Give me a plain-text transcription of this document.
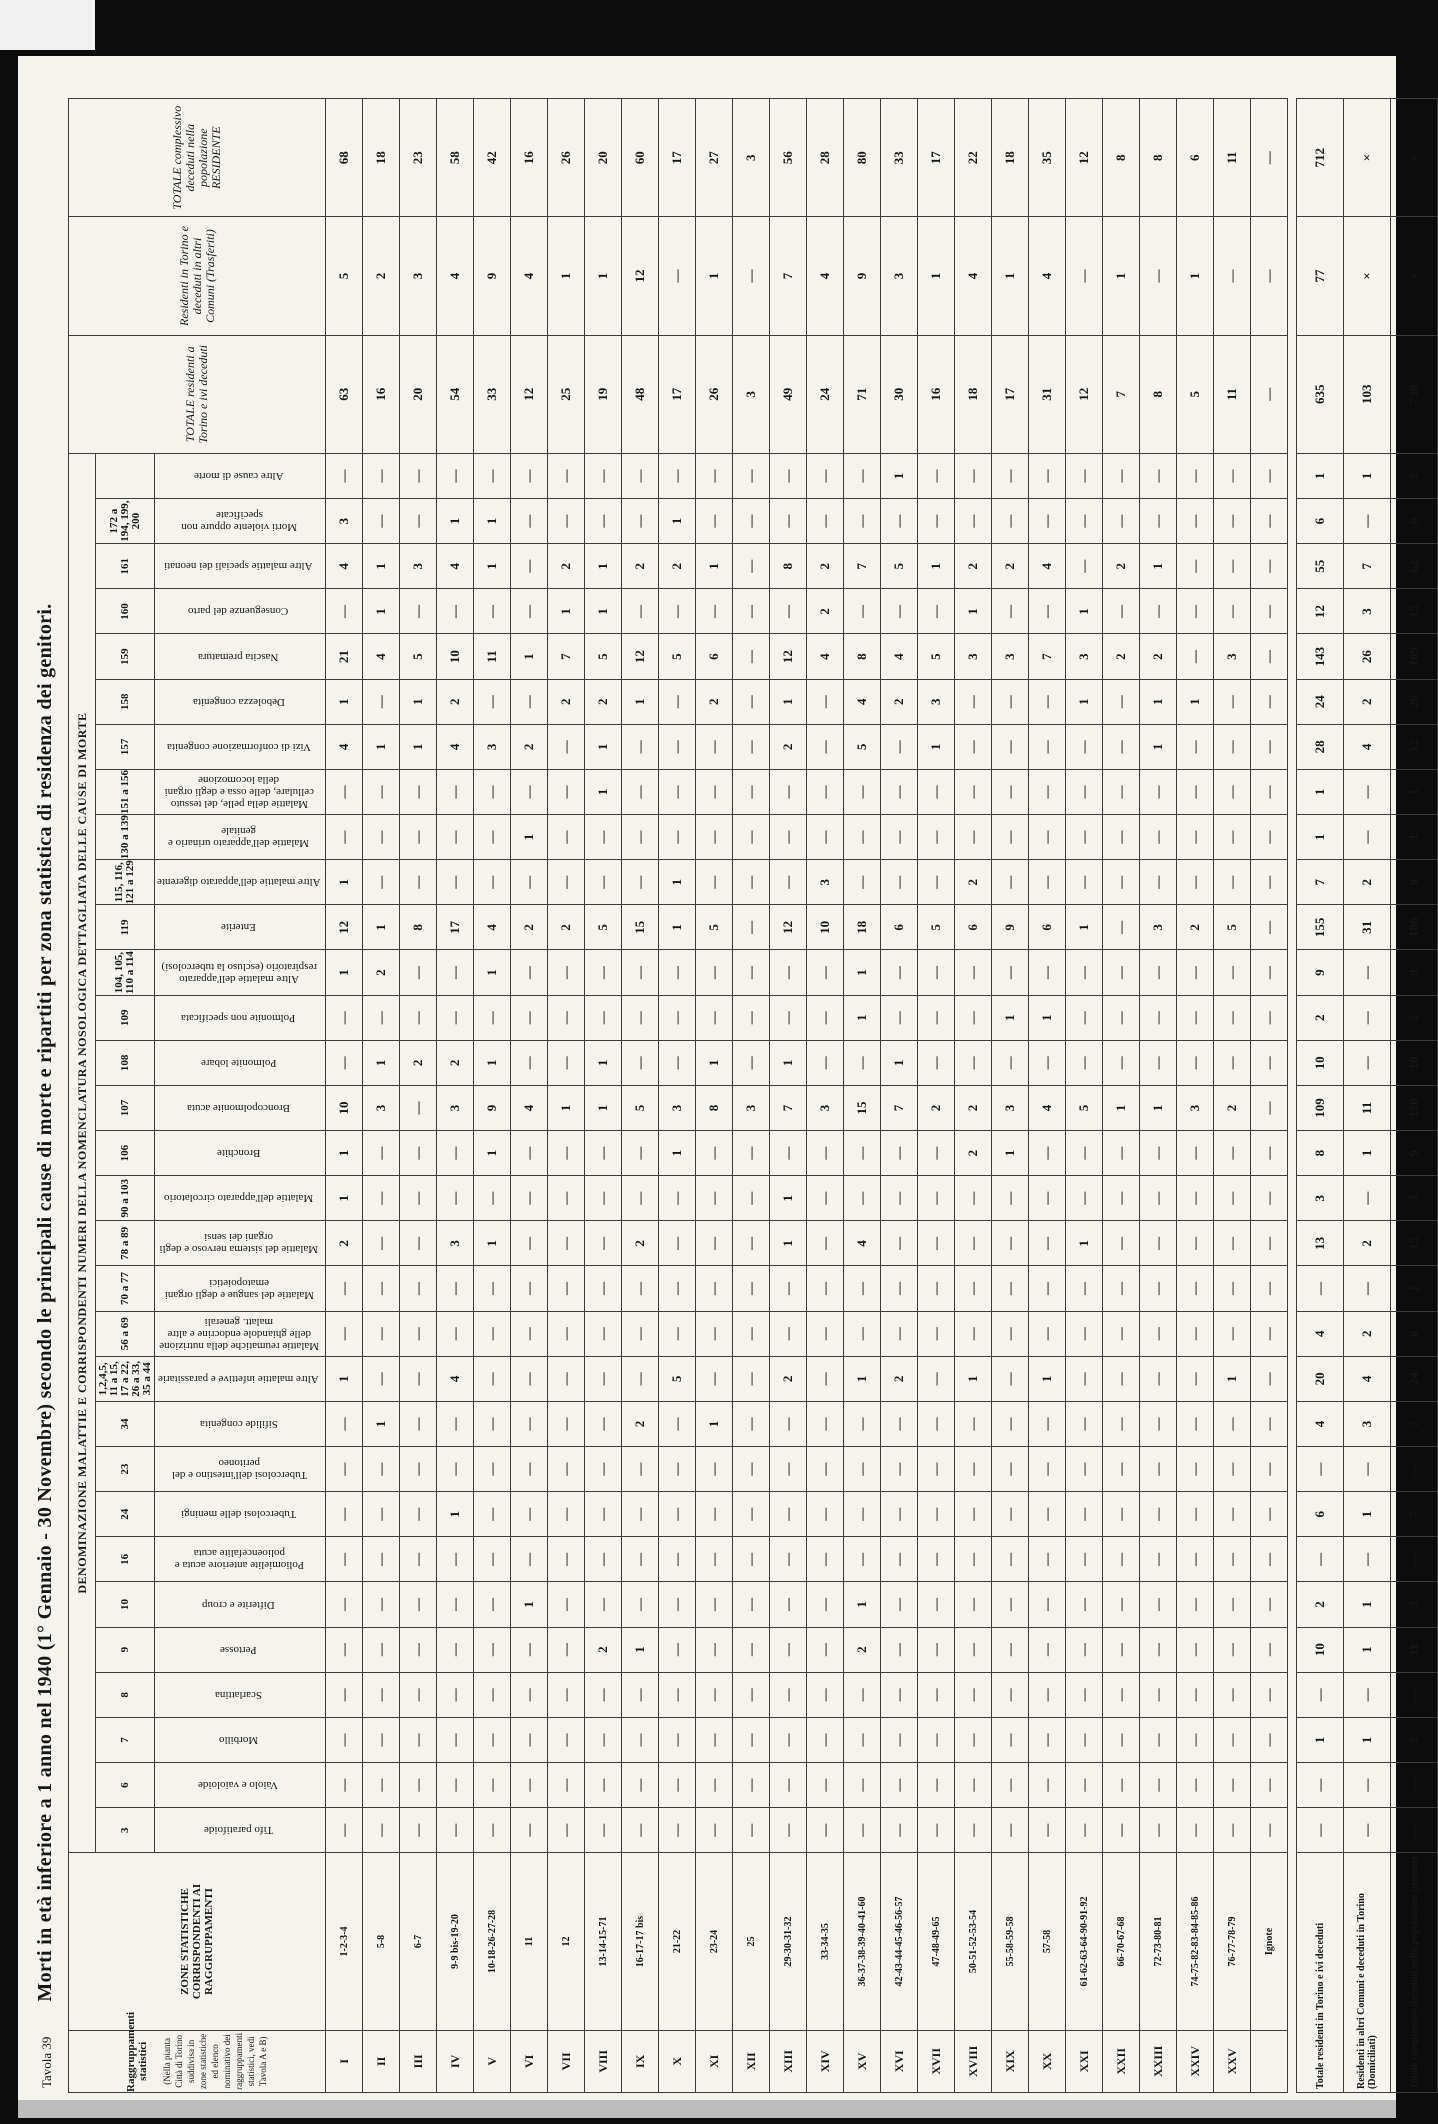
Tavola 39 Morti in età inferiore a 1 anno nel 1940 (1° Gennaio - 30 Novembre) secondo le principali cause di morte e ripartiti per zona statistica di residenza dei genitori.
Raggruppamenti statistici (Nella pianta Città di Torino suddivisa in zone statistiche ed elenco nominativo dei raggruppamenti statistici, vedi Tavola A e B)	ZONE STATISTICHE CORRISPONDENTI AI RAGGRUPPAMENTI	DENOMINAZIONE MALATTIE E CORRISPONDENTI NUMERI DELLA NOMENCLATURA NOSOLOGICA DETTAGLIATA DELLE CAUSE DI MORTE																															TOTALE residenti a Torino e ivi deceduti	Residenti in Torino e deceduti in altri Comuni (Trasferiti)	TOTALE complessivo deceduti nella popolazione RESIDENTE
		3	6	7	8	9	10	16	24	23	34	1,2,4,5, 11 a 15, 17 a 22, 26 a 33, 35 a 44	56 a 69	70 a 77	78 a 89	90 a 103	106	107	108	109	104, 105, 110 a 114	119	115, 116, 121 a 129	130 a 139	151 a 156	157	158	159	160	161	172 a 194, 199, 200				
		Tifo paratifoide	Vaiolo e vaioloide	Morbillo	Scarlattina	Pertosse	Difterite e croup	Poliomielite anteriore acuta e polioencefalite acuta	Tubercolosi delle meningi	Tubercolosi dell'intestino e del peritoneo	Sifilide congenita	Altre malattie infettive e parassitarie	Malattie reumatiche della nutrizione delle ghiandole endocrine e altre malatt. generali	Malattie del sangue e degli organi ematopoietici	Malattie del sistema nervoso e degli organi dei sensi	Malattie dell'apparato circolatorio	Bronchite	Broncopolmonite acuta	Polmonite lobare	Polmonite non specificata	Altre malattie dell'apparato respiratorio (escluso la tubercolosi)	Enterite	Altre malattie dell'apparato digerente	Malattie dell'apparato urinario e genitale	Malattie della pelle, del tessuto cellulare, delle ossa e degli organi della locomozione	Vizi di conformazione congenita	Debolezza congenita	Nascita prematura	Conseguenze del parto	Altre malattie speciali dei neonati	Morti violente oppure non specificate	Altre cause di morte			
I	1-2-3-4	—	—	—	—	—	—	—	—	—	—	1	—	—	2	1	1	10	—	—	1	12	1	—	—	4	1	21	—	4	3	—	63	5	68
II	5-8	—	—	—	—	—	—	—	—	—	1	—	—	—	—	—	—	3	1	—	2	1	—	—	—	1	—	4	1	1	—	—	16	2	18
III	6-7	—	—	—	—	—	—	—	—	—	—	—	—	—	—	—	—	—	2	—	—	8	—	—	—	1	1	5	—	3	—	—	20	3	23
IV	9-9 bis-19-20	—	—	—	—	—	—	—	1	—	—	4	—	—	3	—	—	3	2	—	—	17	—	—	—	4	2	10	—	4	1	—	54	4	58
V	10-18-26-27-28	—	—	—	—	—	—	—	—	—	—	—	—	—	1	—	1	9	1	—	1	4	—	—	—	3	—	11	—	1	1	—	33	9	42
VI	11	—	—	—	—	—	1	—	—	—	—	—	—	—	—	—	—	4	—	—	—	2	—	1	—	2	—	1	—	—	—	—	12	4	16
VII	12	—	—	—	—	—	—	—	—	—	—	—	—	—	—	—	—	1	—	—	—	2	—	—	—	—	2	7	1	2	—	—	25	1	26
VIII	13-14-15-71	—	—	—	—	2	—	—	—	—	—	—	—	—	—	—	—	1	1	—	—	5	—	—	1	1	2	5	1	1	—	—	19	1	20
IX	16-17-17 bis	—	—	—	—	1	—	—	—	—	2	—	—	—	2	—	—	5	—	—	—	15	—	—	—	—	1	12	—	2	—	—	48	12	60
X	21-22	—	—	—	—	—	—	—	—	—	—	5	—	—	—	—	1	3	—	—	—	1	1	—	—	—	—	5	—	2	1	—	17	—	17
XI	23-24	—	—	—	—	—	—	—	—	—	1	—	—	—	—	—	—	8	1	—	—	5	—	—	—	—	2	6	—	1	—	—	26	1	27
XII	25	—	—	—	—	—	—	—	—	—	—	—	—	—	—	—	—	3	—	—	—	—	—	—	—	—	—	—	—	—	—	—	3	—	3
XIII	29-30-31-32	—	—	—	—	—	—	—	—	—	—	2	—	—	1	1	—	7	1	—	—	12	—	—	—	2	1	12	—	8	—	—	49	7	56
XIV	33-34-35	—	—	—	—	—	—	—	—	—	—	—	—	—	—	—	—	3	—	—	—	10	3	—	—	—	—	4	2	2	—	—	24	4	28
XV	36-37-38-39-40-41-60	—	—	—	—	2	1	—	—	—	—	1	—	—	4	—	—	15	—	1	1	18	—	—	—	5	4	8	—	7	—	—	71	9	80
XVI	42-43-44-45-46-56-57	—	—	—	—	—	—	—	—	—	—	2	—	—	—	—	—	7	1	—	—	6	—	—	—	—	2	4	—	5	—	1	30	3	33
XVII	47-48-49-65	—	—	—	—	—	—	—	—	—	—	—	—	—	—	—	—	2	—	—	—	5	—	—	—	1	3	5	—	1	—	—	16	1	17
XVIII	50-51-52-53-54	—	—	—	—	—	—	—	—	—	—	1	—	—	—	—	2	2	—	—	—	6	2	—	—	—	—	3	1	2	—	—	18	4	22
XIX	55-58-59-58	—	—	—	—	—	—	—	—	—	—	—	—	—	—	—	1	3	—	1	—	9	—	—	—	—	—	3	—	2	—	—	17	1	18
XX	57-58	—	—	—	—	—	—	—	—	—	—	1	—	—	—	—	—	4	—	1	—	6	—	—	—	—	—	7	—	4	—	—	31	4	35
XXI	61-62-63-64-90-91-92	—	—	—	—	—	—	—	—	—	—	—	—	—	1	—	—	5	—	—	—	1	—	—	—	—	1	3	1	—	—	—	12	—	12
XXII	66-70-67-68	—	—	—	—	—	—	—	—	—	—	—	—	—	—	—	—	1	—	—	—	—	—	—	—	—	—	2	—	2	—	—	7	1	8
XXIII	72-73-80-81	—	—	—	—	—	—	—	—	—	—	—	—	—	—	—	—	1	—	—	—	3	—	—	—	1	1	2	—	1	—	—	8	—	8
XXIV	74-75-82-83-84-85-86	—	—	—	—	—	—	—	—	—	—	—	—	—	—	—	—	3	—	—	—	2	—	—	—	—	1	—	—	—	—	—	5	1	6
XXV	76-77-78-79	—	—	—	—	—	—	—	—	—	—	1	—	—	—	—	—	2	—	—	—	5	—	—	—	—	—	3	—	—	—	—	11	—	11
	Ignote	—	—	—	—	—	—	—	—	—	—	—	—	—	—	—	—	—	—	—	—	—	—	—	—	—	—	—	—	—	—	—	—	—	—

Totale residenti in Torino e ivi deceduti		—	—	1	—	10	2	—	6	—	4	20	4	—	13	3	8	109	10	2	9	155	7	1	1	28	24	143	12	55	6	1	635	77	712
Residenti in altri Comuni e deceduti in Torino (Domiciliati)		—	—	1	—	1	1	—	1	—	3	4	2	—	2	—	1	11	—	—	—	31	2	—	—	4	2	26	3	7	—	1	103	×	×
Totale complessivo deceduti nella popolazione presente		—	—	2	—	11	3	—	7	—	7	24	6	1	15	3	9	120	10	2	9	186	9	1	1	32	26	169	15	62	6	2	738	×	×
